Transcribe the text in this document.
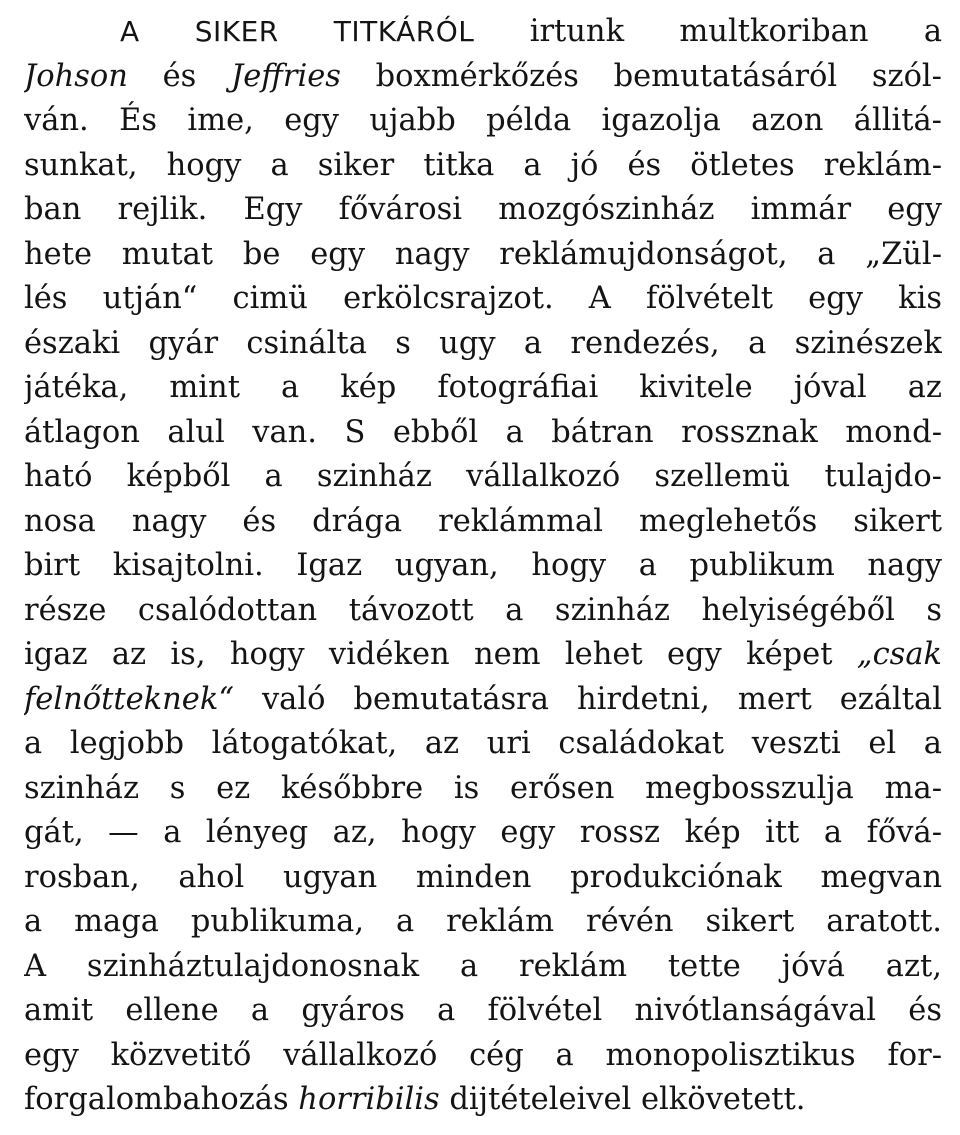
A SIKER TITKÁRÓL irtunk multkoriban a
Johson és Jeffries boxmérkőzés bemutatásáról szól-
ván. És ime, egy ujabb példa igazolja azon állitá-
sunkat, hogy a siker titka a jó és ötletes reklám-
ban rejlik. Egy fővárosi mozgószinház immár egy
hete mutat be egy nagy reklámujdonságot, a „Zül-
lés utján“ cimü erkölcsrajzot. A fölvételt egy kis
északi gyár csinálta s ugy a rendezés, a szinészek
játéka, mint a kép fotográfiai kivitele jóval az
átlagon alul van. S ebből a bátran rossznak mond-
ható képből a szinház vállalkozó szellemü tulajdo-
nosa nagy és drága reklámmal meglehetős sikert
birt kisajtolni. Igaz ugyan, hogy a publikum nagy
része csalódottan távozott a szinház helyiségéből s
igaz az is, hogy vidéken nem lehet egy képet „csak
felnőtteknek“ való bemutatásra hirdetni, mert ezáltal
a legjobb látogatókat, az uri családokat veszti el a
szinház s ez későbbre is erősen megbosszulja ma-
gát, — a lényeg az, hogy egy rossz kép itt a fővá-
rosban, ahol ugyan minden produkciónak megvan
a maga publikuma, a reklám révén sikert aratott.
A szinháztulajdonosnak a reklám tette jóvá azt,
amit ellene a gyáros a fölvétel nivótlanságával és
egy közvetitő vállalkozó cég a monopolisztikus for-
forgalombahozás horribilis dijtételeivel elkövetett.
